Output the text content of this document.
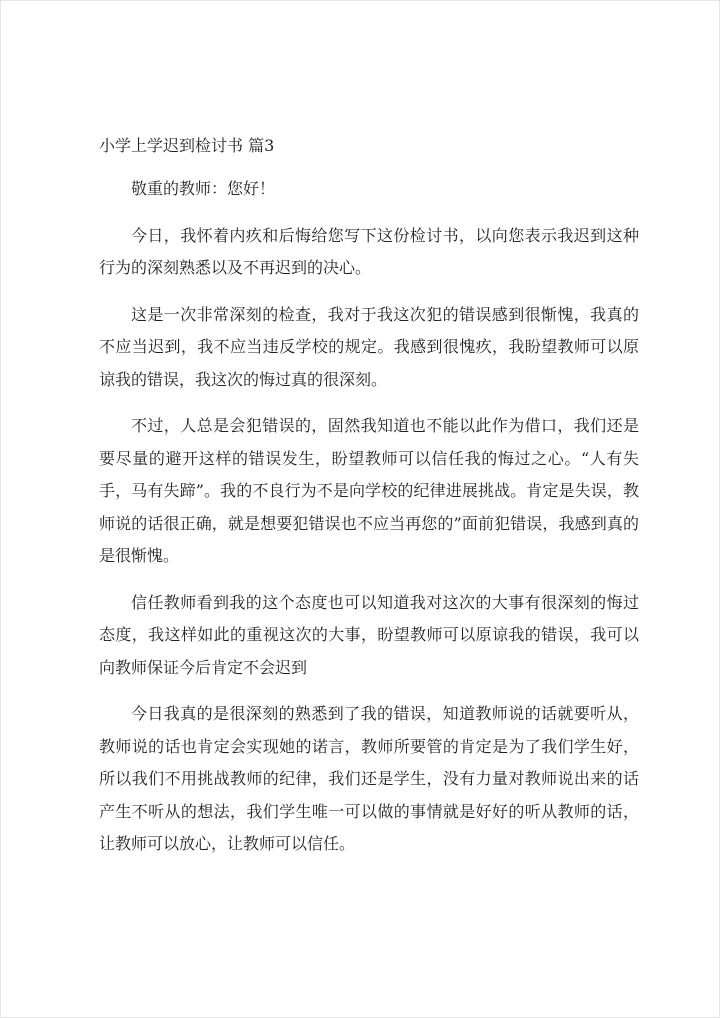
小学上学迟到检讨书 篇3

敬重的教师：您好！

今日，我怀着内疚和后悔给您写下这份检讨书，以向您表示我迟到这种行为的深刻熟悉以及不再迟到的决心。

这是一次非常深刻的检查，我对于我这次犯的错误感到很惭愧，我真的不应当迟到，我不应当违反学校的规定。我感到很愧疚，我盼望教师可以原谅我的错误，我这次的悔过真的很深刻。

不过，人总是会犯错误的，固然我知道也不能以此作为借口，我们还是要尽量的避开这样的错误发生，盼望教师可以信任我的悔过之心。“人有失手，马有失蹄”。我的不良行为不是向学校的纪律进展挑战。肯定是失误，教师说的话很正确，就是想要犯错误也不应当再您的”面前犯错误，我感到真的是很惭愧。

信任教师看到我的这个态度也可以知道我对这次的大事有很深刻的悔过态度，我这样如此的重视这次的大事，盼望教师可以原谅我的错误，我可以向教师保证今后肯定不会迟到

今日我真的是很深刻的熟悉到了我的错误，知道教师说的话就要听从，教师说的话也肯定会实现她的诺言，教师所要管的肯定是为了我们学生好，所以我们不用挑战教师的纪律，我们还是学生，没有力量对教师说出来的话产生不听从的想法，我们学生唯一可以做的事情就是好好的听从教师的话，让教师可以放心，让教师可以信任。
